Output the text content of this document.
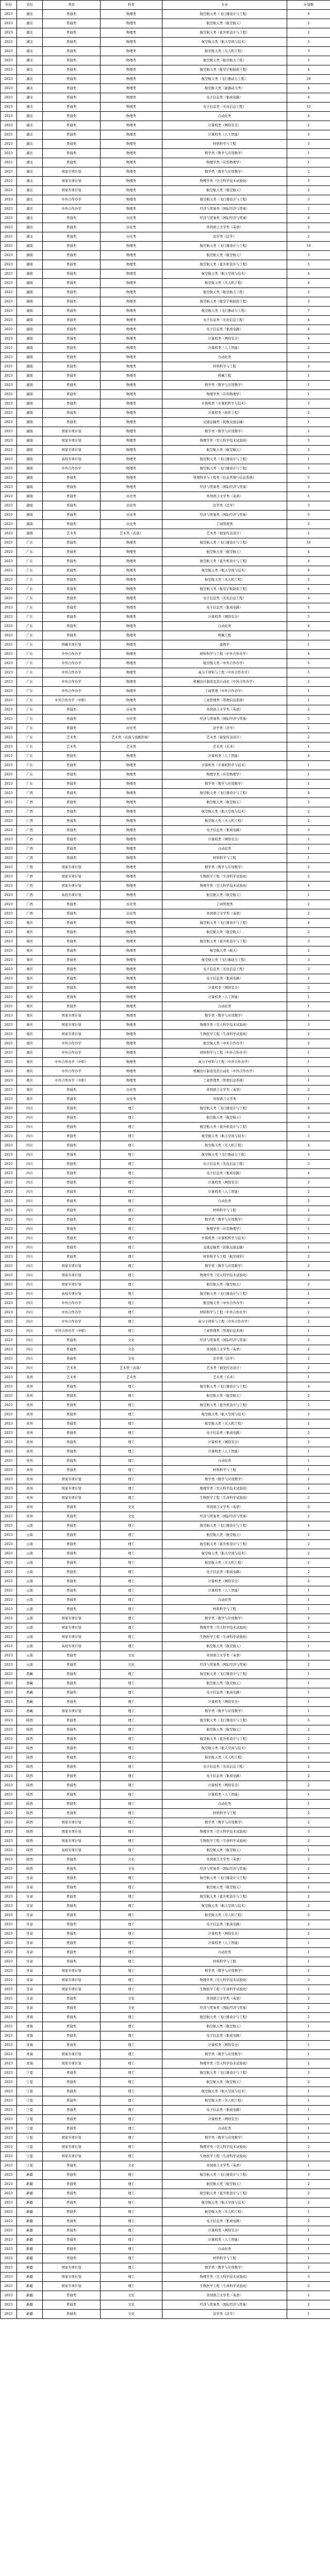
年份	省份	类型	科类	专业	计划数
2023	湖北	普通类	物理类	航空航天类（飞行器设计与工程）	6
2023	湖北	普通类	物理类	航空航天类（航空航天）	2
2023	湖北	普通类	物理类	航空航天类（直升机设计与工程）	2
2023	湖北	普通类	物理类	航空航天类（航天空间与技术）	5
2023	湖北	普通类	物理类	航空航天类（无人机工程）	3
2023	湖北	普通类	物理类	航空航天类（航空航天工程）	3
2023	湖北	普通类	物理类	航空航天类（航空宇航制造工程）	4
2023	湖北	普通类	物理类	航空航天类（飞行器动力工程）	10
2023	湖北	普通类	物理类	航空航天类（能源动力类）	4
2023	湖北	普通类	物理类	电子信息类（集成电路）	4
2023	湖北	普通类	物理类	电子信息类（光电信息工程）	12
2023	湖北	普通类	物理类	自动化类	4
2023	湖北	普通类	物理类	计算机类（网络安全）	2
2023	湖北	普通类	物理类	计算机类（人工智能）	2
2023	湖北	普通类	物理类	材料科学与工程	3
2023	湖北	普通类	物理类	数学类（数学与应用数学）	1
2023	湖北	普通类	物理类	物理学类（应用物理学）	1
2023	湖北	国家专项计划	物理类	数学类（数学与应用数学）	2
2023	湖北	国家专项计划	物理类	物理学类（空天科学技术试验班）	5
2023	湖北	国家专项计划	物理类	航空航天类（航空航天）	2
2023	湖北	中外合作办学	物理类	航空航天类（飞行器设计与工程）	3
2023	湖北	中外合作办学	物理类	经济与贸易类（国际经济与贸易）	2
2023	湖北	普通类	历史类	经济与贸易类（国际经济与贸易）	4
2023	湖北	普通类	历史类	外国语言文学类（英语）	2
2023	湖北	普通类	历史类	法学类（法学）	2
2023	湖南	普通类	物理类	航空航天类（飞行器设计与工程）	10
2023	湖南	普通类	物理类	航空航天类（航空航天）	3
2023	湖南	普通类	物理类	航空航天类（直升机设计与工程）	5
2023	湖南	普通类	物理类	航空航天类（航天空间与技术）	4
2023	湖南	普通类	物理类	航空航天类（无人机工程）	4
2023	湖南	普通类	物理类	航空航天类（航空航天工程）	3
2023	湖南	普通类	物理类	航空航天类（航空宇航制造工程）	3
2023	湖南	普通类	物理类	航空航天类（飞行器动力工程）	7
2023	湖南	普通类	物理类	电子信息类（光电信息工程）	4
2023	湖南	普通类	物理类	电子信息类（集成电路）	4
2023	湖南	普通类	物理类	计算机类（网络安全）	4
2023	湖南	普通类	物理类	计算机类（人工智能）	2
2023	湖南	普通类	物理类	自动化类	1
2023	湖南	普通类	物理类	材料科学与工程	2
2023	湖南	普通类	物理类	机械工程	1
2023	湖南	普通类	物理类	数学类（数学与应用数学）	1
2023	湖南	普通类	物理类	物理学类（应用物理学）	1
2023	湖南	普通类	物理类	计算机类（计算机科学与技术）	3
2023	湖南	普通类	物理类	计算机类（软件工程）	2
2023	湖南	普通类	物理类	交通运输类（民航交通运输）	1
2023	湖南	国家专项计划	物理类	数学类（数学与应用数学）	2
2023	湖南	国家专项计划	物理类	物理学类（空天科学技术试验班）	5
2023	湖南	国家专项计划	物理类	航空航天类（航空航天）	3
2023	湖南	高校专项计划	物理类	航空航天类（飞行器设计与工程）	1
2023	湖南	中外合作办学	物理类	航空航天类（飞行器设计与工程）	3
2023	湖南	普通类	物理类	管理科学与工程类（信息管理与信息系统）	5
2023	湖南	普通类	物理类	经济与贸易类（国际经济与贸易）	3
2023	湖南	普通类	历史类	外国语言文学类（英语）	5
2023	湖南	普通类	历史类	法学类（法学）	3
2023	湖南	普通类	历史类	经济与贸易类（国际经济与贸易）	5
2023	湖南	普通类	历史类	工商管理类	3
2023	湖南	艺术类	艺术类（表演）	艺术类（视觉传达设计）	2
2023	广东	普通类	物理类	航空航天类（飞行器设计与工程）	10
2023	广东	普通类	物理类	航空航天类（航空航天）	4
2023	广东	普通类	物理类	航空航天类（直升机设计与工程）	4
2023	广东	普通类	物理类	航空航天类（航天空间与技术）	6
2023	广东	普通类	物理类	航空航天类（无人机工程）	5
2023	广东	普通类	物理类	航空航天类（航空宇航制造工程）	6
2023	广东	普通类	物理类	电子信息类（光电信息工程）	4
2023	广东	普通类	物理类	电子信息类（集成电路）	5
2023	广东	普通类	物理类	计算机类（网络安全）	5
2023	广东	普通类	物理类	自动化类	4
2023	广东	普通类	物理类	机械工程	1
2023	广东	西藏专项计划	物理类	建筑学	1
2023	广东	中外合作办学	物理类	材料科学与工程（中外合作办学）	4
2023	广东	中外合作办学	物理类	航空航天类（中外合作办学）	5
2023	广东	中外合作办学	物理类	高分子材料与工程（中外合作办学）	5
2023	广东	中外合作办学	物理类	机械设计制造及其自动化（中外合作办学）	2
2023	广东	中外合作办学	物理类	工商管理（中外合作办学）	1
2023	广东	中外合作办学（中职）	物理类	工商管理类（管理信息系统）	1
2023	广东	普通类	历史类	外国语言文学类（英语）	2
2023	广东	普通类	历史类	经济与贸易类（国际经济与贸易）	5
2023	广东	普通类	历史类	法学类（法学）	2
2023	广东	艺术类	艺术类（表演与戏剧影视）	艺术类（视觉传达设计）	2
2023	广东	艺术类	艺术类	艺术类（美术）	1
2023	广东	普通类	物理类	计算机类（人工智能）	4
2023	广东	普通类	物理类	计算机类（计算机科学与技术）	1
2023	广东	普通类	物理类	物理学类（应用物理学）	1
2023	广东	普通类	物理类	数学类（数学与应用数学）	1
2023	广西	普通类	物理类	航空航天类（飞行器设计与工程）	4
2023	广西	普通类	物理类	航空航天类（航空航天）	3
2023	广西	普通类	物理类	航空航天类（航天空间与技术）	2
2023	广西	普通类	物理类	航空航天类（无人机工程）	2
2023	广西	普通类	物理类	电子信息类（集成电路）	3
2023	广西	普通类	物理类	计算机类（网络安全）	2
2023	广西	普通类	物理类	自动化类	1
2023	广西	普通类	物理类	材料科学与工程	1
2023	广西	国家专项计划	物理类	数学类（数学与应用数学）	2
2023	广西	国家专项计划	物理类	生物医学工程（生命科学试验班）	2
2023	广西	国家专项计划	物理类	物理学类（空天科学技术试验班）	4
2023	广西	高校专项计划	物理类	航空航天类（航空航天）	1
2023	广西	普通类	历史类	工商管理类	2
2023	广西	普通类	历史类	外国语言文学类（英语）	2
2023	重庆	普通类	物理类	航空航天类（飞行器设计与工程）	4
2023	重庆	普通类	物理类	航空航天类（航空航天）	2
2023	重庆	普通类	物理类	航空航天类（直升机设计与工程）	3
2023	重庆	普通类	物理类	航空航天类（航天）	2
2023	重庆	普通类	物理类	航空航天类（飞行器动力工程）	3
2023	重庆	普通类	物理类	电子信息类（光电信息工程）	3
2023	重庆	普通类	物理类	电子信息类（集成电路）	2
2023	重庆	普通类	物理类	计算机类（网络安全）	2
2023	重庆	普通类	物理类	计算机类（人工智能）	1
2023	重庆	普通类	物理类	自动化类	1
2023	重庆	国家专项计划	物理类	数学类（数学与应用数学）	1
2023	重庆	国家专项计划	物理类	物理学类（空天科学技术试验班）	3
2023	重庆	国家专项计划	物理类	生物医学工程（生命科学试验班）	2
2023	重庆	中外合作办学	物理类	航空航天类（中外合作办学）	2
2023	重庆	中外合作办学	物理类	材料科学与工程（中外合作办学）	1
2023	重庆	中外合作办学（中职）	物理类	高分子材料与工程（中外合作办学）	1
2023	重庆	中外合作办学	物理类	机械设计制造及其自动化（中外合作办学）	1
2023	重庆	中外合作办学（中职）	物理类	工商管理类（管理信息系统）	1
2023	重庆	普通类	历史类	外国语言文学类（英语）	2
2023	重庆	普通类	历史类	外国语言文学类	1
2023	四川	普通类	理工	航空航天类（飞行器设计与工程）	8
2023	四川	普通类	理工	航空航天类（航空航天）	3
2023	四川	普通类	理工	航空航天类（直升机设计与工程）	3
2023	四川	普通类	理工	航空航天类（航天空间与技术）	3
2023	四川	普通类	理工	航空航天类（无人机工程）	4
2023	四川	普通类	理工	航空航天类（飞行器动力工程）	3
2023	四川	普通类	理工	电子信息类（光电信息工程）	3
2023	四川	普通类	理工	电子信息类（集成电路）	4
2023	四川	普通类	理工	计算机类（网络安全）	2
2023	四川	普通类	理工	计算机类（人工智能）	2
2023	四川	普通类	理工	自动化类	2
2023	四川	普通类	理工	材料科学与工程	2
2023	四川	普通类	理工	数学类（数学与应用数学）	2
2023	四川	普通类	理工	物理学类（应用物理学）	1
2023	四川	普通类	理工	计算机类（计算机科学与技术）	1
2023	四川	普通类	理工	交通运输类（民航交通运输）	1
2023	四川	普通类	理工	材料科学与工程（航空材料）	2
2023	四川	国家专项计划	理工	数学类（数学与应用数学）	2
2023	四川	国家专项计划	理工	物理学类（空天科学技术试验班）	4
2023	四川	国家专项计划	理工	航空航天类（航空航天）	2
2023	四川	高校专项计划	理工	航空航天类（飞行器设计与工程）	1
2023	四川	中外合作办学	理工	航空航天类（中外合作办学）	4
2023	四川	中外合作办学	理工	材料科学与工程（中外合作办学）	2
2023	四川	中外合作办学	理工	高分子材料与工程（中外合作办学）	2
2023	四川	中外合作办学（中职）	理工	工商管理类（管理信息系统）	1
2023	四川	普通类	文史	经济与贸易类（国际经济与贸易）	3
2023	四川	普通类	文史	外国语言文学类（英语）	2
2023	四川	普通类	文史	法学类（法学）	2
2023	四川	艺术类	艺术类（表演）	艺术类（视觉传达设计）	2
2023	贵州	艺术类	艺术类	艺术类（美术）	1
2023	贵州	普通类	理工	航空航天类（飞行器设计与工程）	4
2023	贵州	普通类	理工	航空航天类（航空航天）	2
2023	贵州	普通类	理工	航空航天类（直升机设计与工程）	2
2023	贵州	普通类	理工	航空航天类（航天空间与技术）	2
2023	贵州	普通类	理工	航空航天类（无人机工程）	2
2023	贵州	普通类	理工	电子信息类（集成电路）	2
2023	贵州	普通类	理工	计算机类（网络安全）	2
2023	贵州	普通类	理工	计算机类（人工智能）	1
2023	贵州	普通类	理工	自动化类	1
2023	贵州	普通类	理工	材料科学与工程	1
2023	贵州	国家专项计划	理工	数学类（数学与应用数学）	2
2023	贵州	国家专项计划	理工	物理学类（空天科学技术试验班）	4
2023	贵州	国家专项计划	理工	生物医学工程（生命科学试验班）	2
2023	贵州	普通类	文史	外国语言文学类（英语）	2
2023	贵州	普通类	文史	经济与贸易类（国际经济与贸易）	2
2023	云南	普通类	理工	航空航天类（飞行器设计与工程）	4
2023	云南	普通类	理工	航空航天类（航空航天）	2
2023	云南	普通类	理工	航空航天类（直升机设计与工程）	2
2023	云南	普通类	理工	航空航天类（航天空间与技术）	2
2023	云南	普通类	理工	航空航天类（无人机工程）	2
2023	云南	普通类	理工	电子信息类（集成电路）	2
2023	云南	普通类	理工	计算机类（网络安全）	2
2023	云南	普通类	理工	计算机类（人工智能）	1
2023	云南	普通类	理工	自动化类	1
2023	云南	普通类	理工	材料科学与工程	1
2023	云南	国家专项计划	理工	数学类（数学与应用数学）	2
2023	云南	国家专项计划	理工	物理学类（空天科学技术试验班）	3
2023	云南	国家专项计划	理工	生物医学工程（生命科学试验班）	2
2023	云南	高校专项计划	理工	航空航天类（航空航天）	1
2023	云南	普通类	文史	外国语言文学类（英语）	2
2023	云南	普通类	文史	经济与贸易类（国际经济与贸易）	2
2023	西藏	普通类	理工	航空航天类（飞行器设计与工程）	1
2023	西藏	普通类	理工	航空航天类（航空航天）	1
2023	西藏	普通类	理工	电子信息类（集成电路）	1
2023	西藏	普通类	理工	计算机类（网络安全）	1
2023	西藏	国家专项计划	理工	数学类（数学与应用数学）	1
2023	陕西	普通类	理工	航空航天类（飞行器设计与工程）	5
2023	陕西	普通类	理工	航空航天类（航空航天）	2
2023	陕西	普通类	理工	航空航天类（直升机设计与工程）	2
2023	陕西	普通类	理工	航空航天类（航天空间与技术）	3
2023	陕西	普通类	理工	航空航天类（无人机工程）	2
2023	陕西	普通类	理工	电子信息类（光电信息工程）	2
2023	陕西	普通类	理工	电子信息类（集成电路）	2
2023	陕西	普通类	理工	计算机类（网络安全）	2
2023	陕西	普通类	理工	计算机类（人工智能）	1
2023	陕西	普通类	理工	自动化类	1
2023	陕西	普通类	理工	材料科学与工程	2
2023	陕西	国家专项计划	理工	数学类（数学与应用数学）	2
2023	陕西	国家专项计划	理工	物理学类（空天科学技术试验班）	3
2023	陕西	国家专项计划	理工	生物医学工程（生命科学试验班）	2
2023	陕西	高校专项计划	理工	航空航天类（航空航天）	1
2023	陕西	普通类	文史	外国语言文学类（英语）	2
2023	陕西	普通类	文史	经济与贸易类（国际经济与贸易）	2
2023	甘肃	普通类	理工	航空航天类（飞行器设计与工程）	4
2023	甘肃	普通类	理工	航空航天类（航空航天）	2
2023	甘肃	普通类	理工	航空航天类（直升机设计与工程）	2
2023	甘肃	普通类	理工	航空航天类（航天空间与技术）	2
2023	甘肃	普通类	理工	航空航天类（无人机工程）	2
2023	甘肃	普通类	理工	电子信息类（集成电路）	2
2023	甘肃	普通类	理工	计算机类（网络安全）	2
2023	甘肃	普通类	理工	计算机类（人工智能）	1
2023	甘肃	普通类	理工	自动化类	1
2023	甘肃	普通类	理工	材料科学与工程	1
2023	甘肃	国家专项计划	理工	数学类（数学与应用数学）	2
2023	甘肃	国家专项计划	理工	物理学类（空天科学技术试验班）	3
2023	甘肃	国家专项计划	理工	生物医学工程（生命科学试验班）	2
2023	甘肃	普通类	文史	外国语言文学类（英语）	2
2023	甘肃	普通类	文史	经济与贸易类（国际经济与贸易）	2
2023	青海	普通类	理工	航空航天类（飞行器设计与工程）	2
2023	青海	普通类	理工	航空航天类（航空航天）	1
2023	青海	普通类	理工	电子信息类（集成电路）	1
2023	青海	普通类	理工	计算机类（网络安全）	1
2023	青海	国家专项计划	理工	数学类（数学与应用数学）	1
2023	青海	国家专项计划	理工	物理学类（空天科学技术试验班）	2
2023	宁夏	普通类	理工	航空航天类（飞行器设计与工程）	3
2023	宁夏	普通类	理工	航空航天类（航空航天）	2
2023	宁夏	普通类	理工	航空航天类（航天空间与技术）	1
2023	宁夏	普通类	理工	航空航天类（无人机工程）	1
2023	宁夏	普通类	理工	电子信息类（集成电路）	1
2023	宁夏	普通类	理工	计算机类（网络安全）	1
2023	宁夏	普通类	理工	自动化类	1
2023	宁夏	国家专项计划	理工	数学类（数学与应用数学）	1
2023	宁夏	国家专项计划	理工	物理学类（空天科学技术试验班）	2
2023	宁夏	国家专项计划	理工	生物医学工程（生命科学试验班）	1
2023	宁夏	普通类	文史	外国语言文学类（英语）	1
2023	新疆	普通类	理工	航空航天类（飞行器设计与工程）	3
2023	新疆	普通类	理工	航空航天类（航空航天）	2
2023	新疆	普通类	理工	航空航天类（直升机设计与工程）	2
2023	新疆	普通类	理工	航空航天类（航天空间与技术）	2
2023	新疆	普通类	理工	航空航天类（无人机工程）	1
2023	新疆	普通类	理工	电子信息类（集成电路）	2
2023	新疆	普通类	理工	计算机类（网络安全）	1
2023	新疆	普通类	理工	计算机类（人工智能）	1
2023	新疆	普通类	理工	自动化类	1
2023	新疆	普通类	理工	材料科学与工程	1
2023	新疆	国家专项计划	理工	数学类（数学与应用数学）	2
2023	新疆	国家专项计划	理工	物理学类（空天科学技术试验班）	3
2023	新疆	国家专项计划	理工	生物医学工程（生命科学试验班）	2
2023	新疆	普通类	文史	外国语言文学类（英语）	2
2023	新疆	普通类	文史	经济与贸易类（国际经济与贸易）	2
2023	新疆	普通类	文史	法学类（法学）	1
